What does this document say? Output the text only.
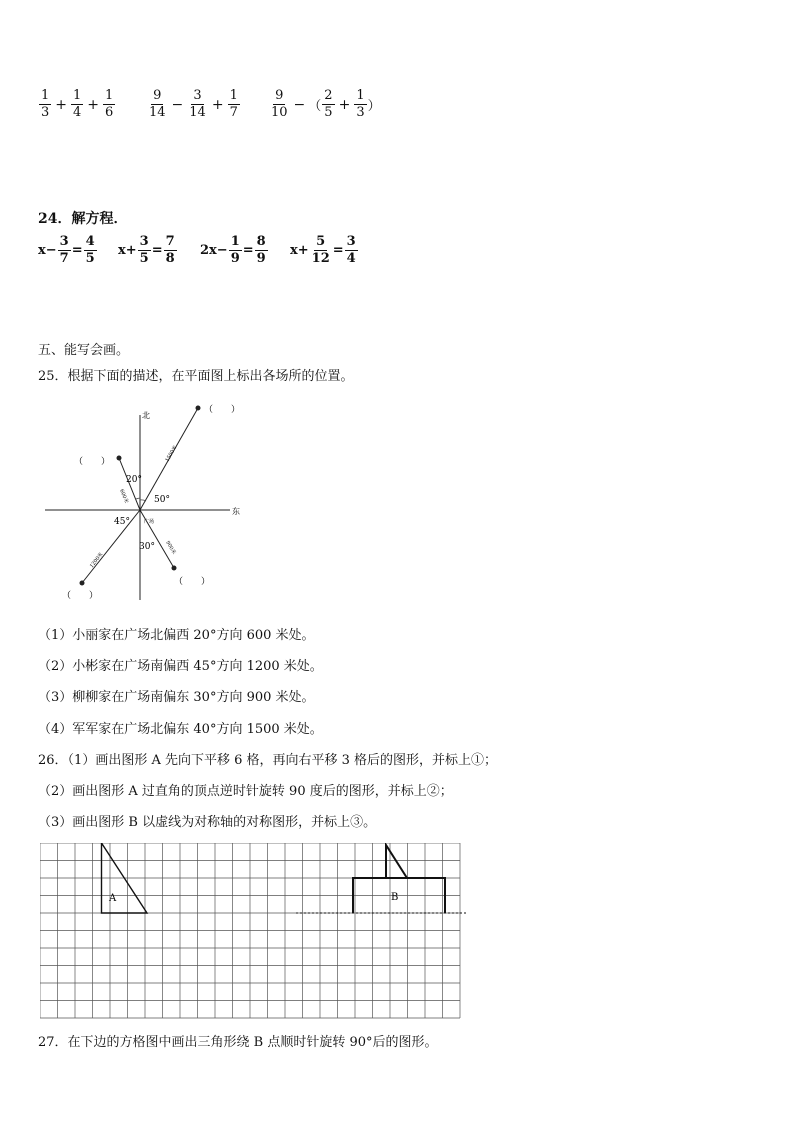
$\frac{1}{3} + \frac{1}{4} + \frac{1}{6} \frac{9}{14} - \frac{3}{14} + \frac{1}{7} \frac{9}{10}$ − （ $\frac{2}{5} + \frac{1}{3}$ ）
24．解方程．
$x- \frac{3}{7} = \frac{4}{5} x+ \frac{3}{5} = \frac{7}{8} 2x- \frac{1}{9} = \frac{8}{9} x+ \frac{5}{12} = \frac{3}{4}$
五、能写会画。
25．根据下面的描述，在平面图上标出各场所的位置。
北
东
广场
20°
50°
45°
30°
1500米
600米
1200米
900米
（　　）
（　　）
（　　）
（　　）
（1）小丽家在广场北偏西 20°方向 600 米处。
（2）小彬家在广场南偏西 45°方向 1200 米处。
（3）柳柳家在广场南偏东 30°方向 900 米处。
（4）军军家在广场北偏东 40°方向 1500 米处。
26．（1）画出图形 A 先向下平移 6 格，再向右平移 3 格后的图形，并标上①；
（2）画出图形 A 过直角的顶点逆时针旋转 90 度后的图形，并标上②；
（3）画出图形 B 以虚线为对称轴的对称图形，并标上③。
A	B
27．在下边的方格图中画出三角形绕 B 点顺时针旋转 90°后的图形。
